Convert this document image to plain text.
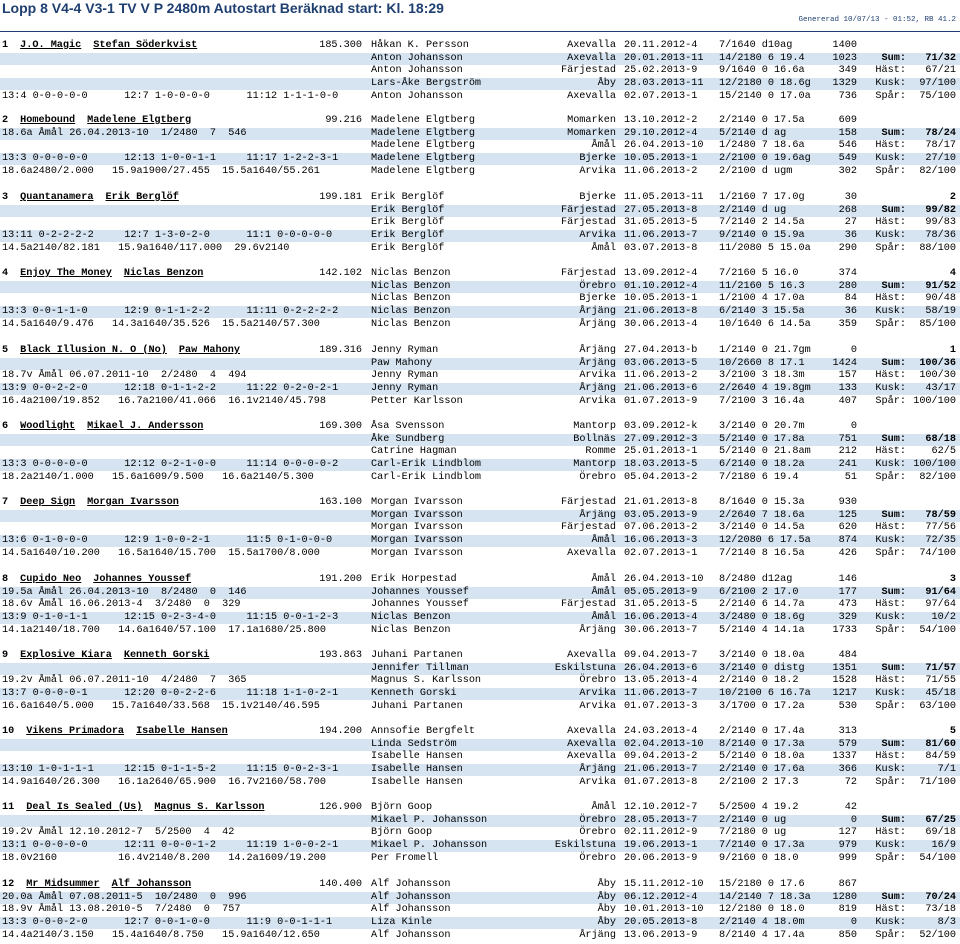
Lopp 8 V4-4 V3-1 TV V P 2480m Autostart Beräknad start: Kl. 18:29
Genererad 10/07/13 - 01:52, RB 41.2
1 J.O. Magic Stefan Söderkvist	185.300 Håkan K. Persson	Axevalla 20.11.2012-4	7/1640 d10ag	1400
Anton Johansson	Axevalla 20.01.2013-11	14/2180 6 19.4	1023	Sum:	71/32
Anton Johansson	Färjestad 25.02.2013-9	9/1640 0 16.6a	349	Häst:	67/21
Lars-Åke Bergström	Åby 28.03.2013-11	12/2180 0 18.6g	1329	Kusk:	97/100
13:4 0-0-0-0-0      12:7 1-0-0-0-0      11:12 1-1-1-0-0	Anton Johansson	Axevalla 02.07.2013-1	15/2140 0 17.0a	736	Spår:	75/100
2 Homebound Madelene Elgtberg	99.216 Madelene Elgtberg	Momarken 13.10.2012-2	2/2140 0 17.5a	609
18.6a Åmål 26.04.2013-10  1/2480  7  546	Madelene Elgtberg	Momarken 29.10.2012-4	5/2140 d ag	158	Sum:	78/24
Madelene Elgtberg	Åmål 26.04.2013-10	1/2480 7 18.6a	546	Häst:	78/17
13:3 0-0-0-0-0      12:13 1-0-0-1-1     11:17 1-2-2-3-1	Madelene Elgtberg	Bjerke 10.05.2013-1	2/2100 0 19.6ag	549	Kusk:	27/10
18.6a2480/2.000   15.9a1900/27.455  15.5a1640/55.261	Madelene Elgtberg	Arvika 11.06.2013-2	2/2100 d ugm	302	Spår:	82/100
3 Quantanamera Erik Berglöf	199.181 Erik Berglöf	Bjerke 11.05.2013-11	1/2160 7 17.0g	30	2
Erik Berglöf	Färjestad 27.05.2013-8	2/2140 d ug	268	Sum:	99/82
Erik Berglöf	Färjestad 31.05.2013-5	7/2140 2 14.5a	27	Häst:	99/83
13:11 0-2-2-2-2     12:7 1-3-0-2-0      11:1 0-0-0-0-0	Erik Berglöf	Arvika 11.06.2013-7	9/2140 0 15.9a	36	Kusk:	78/36
14.5a2140/82.181   15.9a1640/117.000  29.6v2140	Erik Berglöf	Åmål 03.07.2013-8	11/2080 5 15.0a	290	Spår:	88/100
4 Enjoy The Money Niclas Benzon	142.102 Niclas Benzon	Färjestad 13.09.2012-4	7/2160 5 16.0	374	4
Niclas Benzon	Örebro 01.10.2012-4	11/2160 5 16.3	280	Sum:	91/52
Niclas Benzon	Bjerke 10.05.2013-1	1/2100 4 17.0a	84	Häst:	90/48
13:3 0-0-1-1-0      12:9 0-1-1-2-2      11:11 0-2-2-2-2	Niclas Benzon	Årjäng 21.06.2013-8	6/2140 3 15.5a	36	Kusk:	58/19
14.5a1640/9.476   14.3a1640/35.526  15.5a2140/57.300	Niclas Benzon	Årjäng 30.06.2013-4	10/1640 6 14.5a	359	Spår:	85/100
5 Black Illusion N. O (No) Paw Mahony	189.316 Jenny Ryman	Årjäng 27.04.2013-b	1/2140 0 21.7gm	0	1
Paw Mahony	Årjäng 03.06.2013-5	10/2660 8 17.1	1424	Sum:	100/36
18.7v Åmål 06.07.2011-10  2/2480  4  494	Jenny Ryman	Arvika 11.06.2013-2	3/2100 3 18.3m	157	Häst:	100/30
13:9 0-0-2-2-0      12:18 0-1-1-2-2     11:22 0-2-0-2-1	Jenny Ryman	Årjäng 21.06.2013-6	2/2640 4 19.8gm	133	Kusk:	43/17
16.4a2100/19.852   16.7a2100/41.066  16.1v2140/45.798	Petter Karlsson	Arvika 01.07.2013-9	7/2100 3 16.4a	407	Spår: 100/100
6 Woodlight Mikael J. Andersson	169.300 Åsa Svensson	Mantorp 03.09.2012-k	3/2140 0 20.7m	0
Åke Sundberg	Bollnäs 27.09.2012-3	5/2140 0 17.8a	751	Sum:	68/18
Catrine Hagman	Romme 25.01.2013-1	5/2140 0 21.8am	212	Häst:	62/5
13:3 0-0-0-0-0      12:12 0-2-1-0-0     11:14 0-0-0-0-2	Carl-Erik Lindblom	Mantorp 18.03.2013-5	6/2140 0 18.2a	241	Kusk: 100/100
18.2a2140/1.000   15.6a1609/9.500   16.6a2140/5.300	Carl-Erik Lindblom	Örebro 05.04.2013-2	7/2180 6 19.4	51	Spår:	82/100
7 Deep Sign Morgan Ivarsson	163.100 Morgan Ivarsson	Färjestad 21.01.2013-8	8/1640 0 15.3a	930
Morgan Ivarsson	Årjäng 03.05.2013-9	2/2640 7 18.6a	125	Sum:	78/59
Morgan Ivarsson	Färjestad 07.06.2013-2	3/2140 0 14.5a	620	Häst:	77/56
13:6 0-1-0-0-0      12:9 1-0-0-2-1      11:5 0-1-0-0-0	Morgan Ivarsson	Åmål 16.06.2013-3	12/2080 6 17.5a	874	Kusk:	72/35
14.5a1640/10.200   16.5a1640/15.700  15.5a1700/8.000	Morgan Ivarsson	Axevalla 02.07.2013-1	7/2140 8 16.5a	426	Spår:	74/100
8 Cupido Neo Johannes Youssef	191.200 Erik Horpestad	Åmål 26.04.2013-10	8/2480 d12ag	146	3
19.5a Åmål 26.04.2013-10  8/2480  0  146	Johannes Youssef	Åmål 05.05.2013-9	6/2100 2 17.0	177	Sum:	91/64
18.6v Åmål 16.06.2013-4  3/2480  0  329	Johannes Youssef	Färjestad 31.05.2013-5	2/2140 6 14.7a	473	Häst:	97/64
13:9 0-1-0-1-1      12:15 0-2-3-4-0     11:15 0-0-1-2-3	Niclas Benzon	Åmål 16.06.2013-4	3/2480 0 18.6g	329	Kusk:	10/2
14.1a2140/18.700   14.6a1640/57.100  17.1a1680/25.800	Niclas Benzon	Årjäng 30.06.2013-7	5/2140 4 14.1a	1733	Spår:	54/100
9 Explosive Kiara Kenneth Gorski	193.863 Juhani Partanen	Axevalla 09.04.2013-7	3/2140 0 18.0a	484
Jennifer Tillman	Eskilstuna 26.04.2013-6	3/2140 0 distg	1351	Sum:	71/57
19.2v Åmål 06.07.2011-10  4/2480  7  365	Magnus S. Karlsson	Örebro 13.05.2013-4	2/2140 0 18.2	1528	Häst:	71/55
13:7 0-0-0-0-1      12:20 0-0-2-2-6     11:18 1-1-0-2-1	Kenneth Gorski	Arvika 11.06.2013-7	10/2100 6 16.7a	1217	Kusk:	45/18
16.6a1640/5.000   15.7a1640/33.568  15.1v2140/46.595	Juhani Partanen	Arvika 01.07.2013-3	3/1700 0 17.2a	530	Spår:	63/100
10 Vikens Primadora Isabelle Hansen	194.200 Annsofie Bergfelt	Axevalla 24.03.2013-4	2/2140 0 17.4a	313	5
Linda Sedström	Axevalla 02.04.2013-10	8/2140 0 17.3a	579	Sum:	81/60
Isabelle Hansen	Axevalla 09.04.2013-2	5/2140 0 18.0a	1337	Häst:	84/59
13:10 1-0-1-1-1     12:15 0-1-1-5-2     11:15 0-0-2-3-1	Isabelle Hansen	Årjäng 21.06.2013-7	2/2140 0 17.6a	366	Kusk:	7/1
14.9a1640/26.300   16.1a2640/65.900  16.7v2160/58.700	Isabelle Hansen	Arvika 01.07.2013-8	2/2100 2 17.3	72	Spår:	71/100
11 Deal Is Sealed (Us) Magnus S. Karlsson	126.900 Björn Goop	Åmål 12.10.2012-7	5/2500 4 19.2	42
Mikael P. Johansson	Örebro 28.05.2013-7	2/2140 0 ug	0	Sum:	67/25
19.2v Åmål 12.10.2012-7  5/2500  4  42	Björn Goop	Örebro 02.11.2012-9	7/2180 0 ug	127	Häst:	69/18
13:1 0-0-0-0-0      12:11 0-0-0-1-2     11:19 1-0-0-2-1	Mikael P. Johansson	Eskilstuna 19.06.2013-1	7/2140 0 17.3a	979	Kusk:	16/9
18.0v2160          16.4v2140/8.200   14.2a1609/19.200	Per Fromell	Örebro 20.06.2013-9	9/2160 0 18.0	999	Spår:	54/100
12 Mr Midsummer Alf Johansson	140.400 Alf Johansson	Åby 15.11.2012-10	15/2180 0 17.6	867
20.0a Åmål 07.08.2011-5  10/2480  0  996	Alf Johansson	Åby 06.12.2012-4	14/2140 7 18.3a	1280	Sum:	70/24
18.9v Åmål 13.08.2010-5  7/2480  0  757	Alf Johansson	Åby 10.01.2013-10	12/2180 0 18.0	819	Häst:	73/18
13:3 0-0-0-2-0      12:7 0-0-1-0-0      11:9 0-0-1-1-1	Liza Kinle	Åby 20.05.2013-8	2/2140 4 18.0m	0	Kusk:	8/3
14.4a2140/3.150   15.4a1640/8.750   15.9a1640/12.650	Alf Johansson	Årjäng 13.06.2013-9	8/2140 4 17.4a	850	Spår:	52/100
